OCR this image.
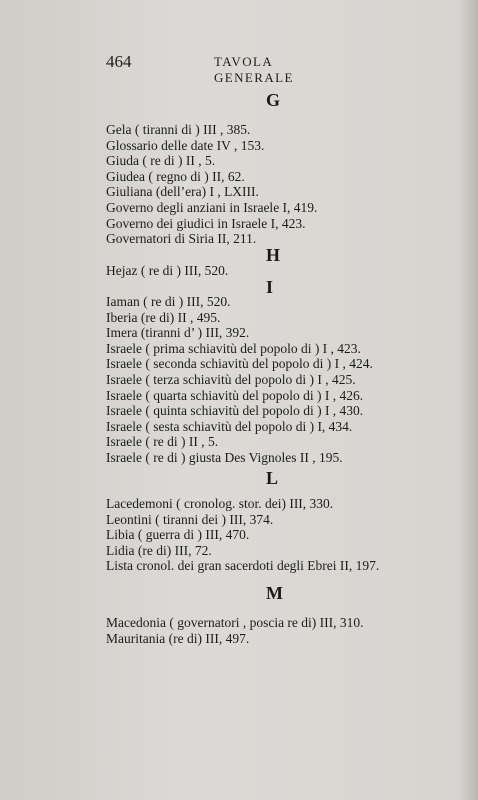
464	TAVOLA GENERALE
G
Gela ( tiranni di ) III , 385.
Glossario delle date IV , 153.
Giuda ( re di ) II , 5.
Giudea ( regno di ) II, 62.
Giuliana (dell’era) I , LXIII.
Governo degli anziani in Israele I, 419.
Governo dei giudici in Israele I, 423.
Governatori di Siria II, 211.
H
Hejaz ( re di ) III, 520.
I
Iaman ( re di ) III, 520.
Iberia (re di) II , 495.
Imera (tiranni d’ ) III, 392.
Israele ( prima schiavitù del popolo di ) I , 423.
Israele ( seconda schiavitù del popolo di ) I , 424.
Israele ( terza schiavitù del popolo di ) I , 425.
Israele ( quarta schiavitù del popolo di ) I , 426.
Israele ( quinta schiavitù del popolo di ) I , 430.
Israele ( sesta schiavitù del popolo di ) I, 434.
Israele ( re di ) II , 5.
Israele ( re di ) giusta Des Vignoles II , 195.
L
Lacedemoni ( cronolog. stor. dei) III, 330.
Leontini ( tiranni dei ) III, 374.
Libia ( guerra di ) III, 470.
Lidia (re di) III, 72.
Lista cronol. dei gran sacerdoti degli Ebrei II, 197.
M
Macedonia ( governatori , poscia re di) III, 310.
Mauritania (re di) III, 497.
